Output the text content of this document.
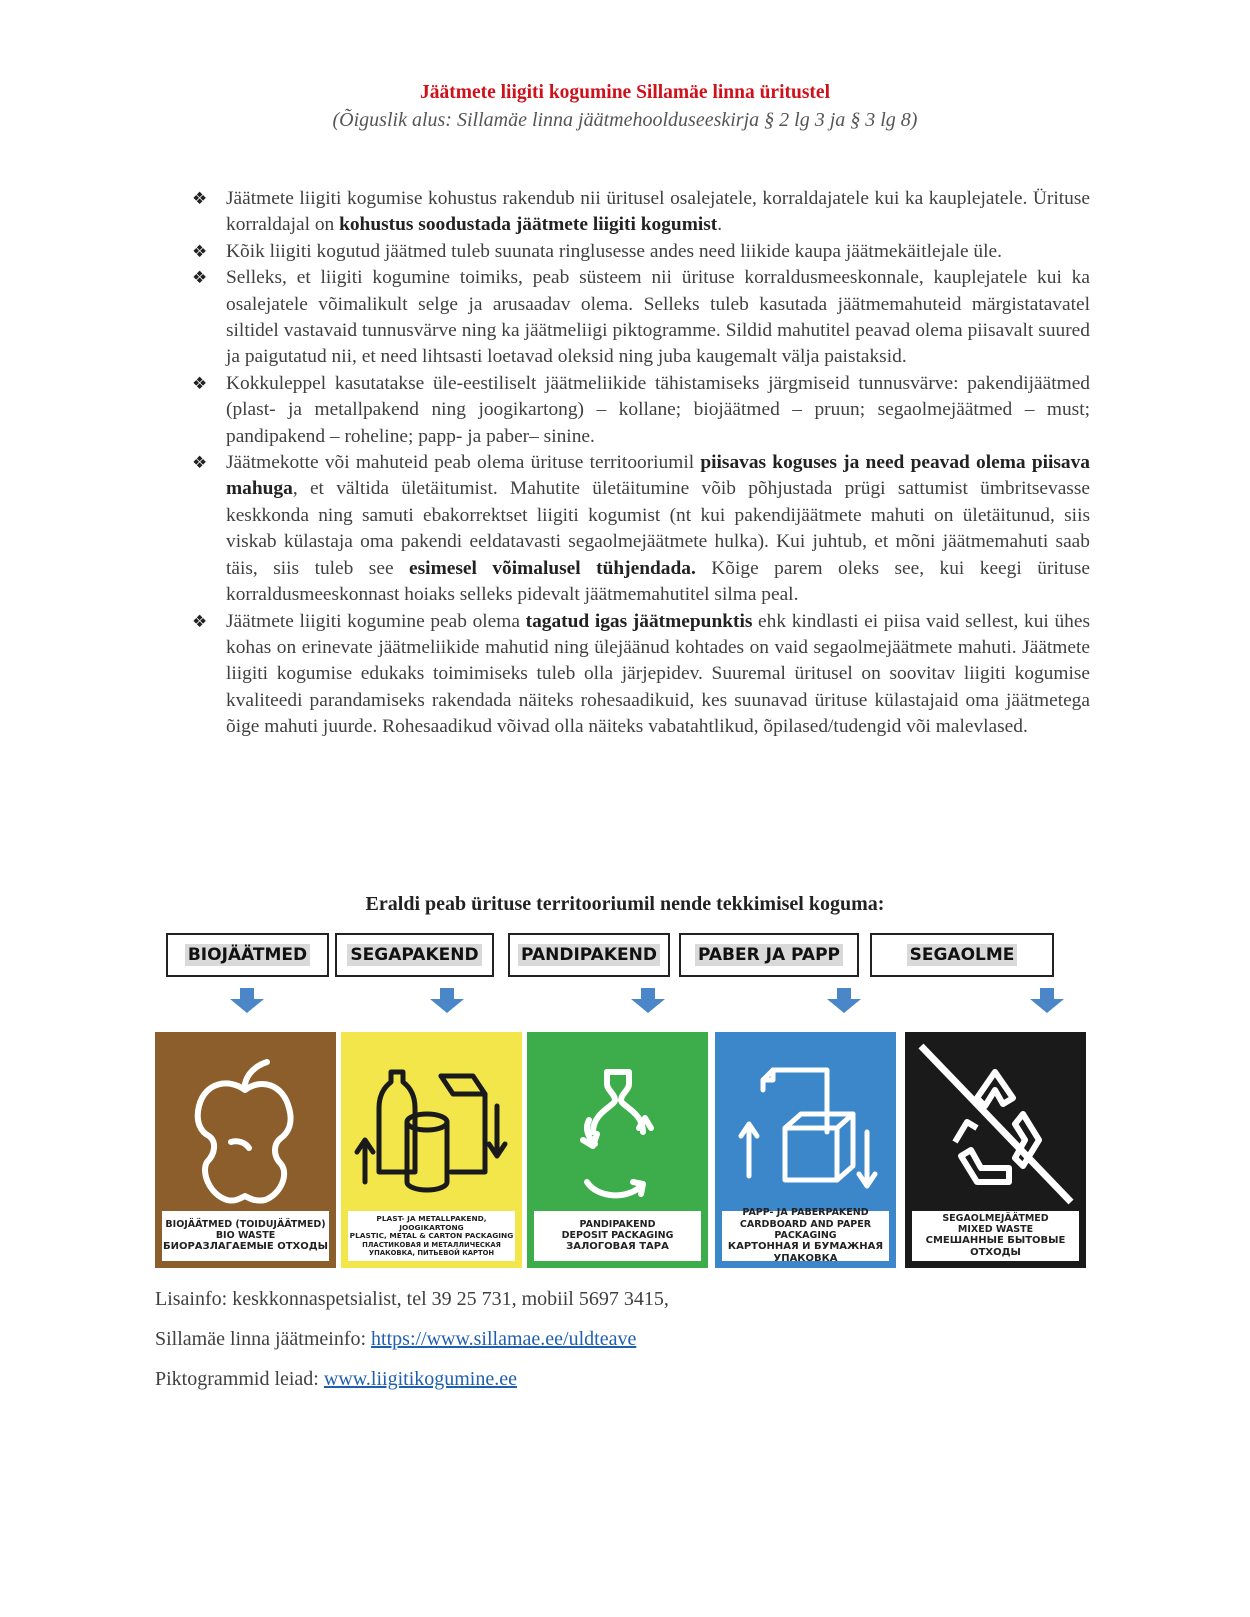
Jäätmete liigiti kogumine Sillamäe linna üritustel
(Õiguslik alus: Sillamäe linna jäätmehoolduseeskirja § 2 lg 3 ja § 3 lg 8)
❖ Jäätmete liigiti kogumise kohustus rakendub nii üritusel osalejatele, korraldajatele kui ka kauplejatele. Ürituse korraldajal on kohustus soodustada jäätmete liigiti kogumist.
❖ Kõik liigiti kogutud jäätmed tuleb suunata ringlusesse andes need liikide kaupa jäätmekäitlejale üle.
❖ Selleks, et liigiti kogumine toimiks, peab süsteem nii ürituse korraldusmeeskonnale, kauplejatele kui ka osalejatele võimalikult selge ja arusaadav olema. Selleks tuleb kasutada jäätmemahuteid märgistatavatel siltidel vastavaid tunnusvärve ning ka jäätmeliigi piktogramme. Sildid mahutitel peavad olema piisavalt suured ja paigutatud nii, et need lihtsasti loetavad oleksid ning juba kaugemalt välja paistaksid.
❖ Kokkuleppel kasutatakse üle-eestiliselt jäätmeliikide tähistamiseks järgmiseid tunnusvärve: pakendijäätmed (plast- ja metallpakend ning joogikartong) – kollane; biojäätmed – pruun; segaolmejäätmed – must; pandipakend – roheline; papp- ja paber– sinine.
❖ Jäätmekotte või mahuteid peab olema ürituse territooriumil piisavas koguses ja need peavad olema piisava mahuga, et vältida ületäitumist. Mahutite ületäitumine võib põhjustada prügi sattumist ümbritsevasse keskkonda ning samuti ebakorrektset liigiti kogumist (nt kui pakendijäätmete mahuti on ületäitunud, siis viskab külastaja oma pakendi eeldatavasti segaolmejäätmete hulka). Kui juhtub, et mõni jäätmemahuti saab täis, siis tuleb see esimesel võimalusel tühjendada. Kõige parem oleks see, kui keegi ürituse korraldusmeeskonnast hoiaks selleks pidevalt jäätmemahutitel silma peal.
❖ Jäätmete liigiti kogumine peab olema tagatud igas jäätmepunktis ehk kindlasti ei piisa vaid sellest, kui ühes kohas on erinevate jäätmeliikide mahutid ning ülejäänud kohtades on vaid segaolmejäätmete mahuti. Jäätmete liigiti kogumise edukaks toimimiseks tuleb olla järjepidev. Suuremal üritusel on soovitav liigiti kogumise kvaliteedi parandamiseks rakendada näiteks rohesaadikuid, kes suunavad ürituse külastajaid oma jäätmetega õige mahuti juurde. Rohesaadikud võivad olla näiteks vabatahtlikud, õpilased/tudengid või malevlased.
Eraldi peab ürituse territooriumil nende tekkimisel koguma:
BIOJÄÄTMED	SEGAPAKEND PANDIPAKEND PABER JA PAPP	SEGAOLME
BIOJÄÄTMED (TOIDUJÄÄTMED)
BIO WASTE
БИОРАЗЛАГАЕМЫЕ ОТХОДЫ
PLAST- JA METALLPAKEND, JOOGIKARTONG
PLASTIC, METAL & CARTON PACKAGING
ПЛАСТИКОВАЯ И МЕТАЛЛИЧЕСКАЯ УПАКОВКА, ПИТЬЕВОЙ КАРТОН
PANDIPAKEND
DEPOSIT PACKAGING
ЗАЛОГОВАЯ ТАРА
PAPP- JA PABERPAKEND
CARDBOARD AND PAPER PACKAGING
КАРТОННАЯ И БУМАЖНАЯ УПАКОВКА
SEGAOLMEJÄÄTMED
MIXED WASTE
СМЕШАННЫЕ БЫТОВЫЕ ОТХОДЫ
Lisainfo: keskkonnaspetsialist, tel 39 25 731, mobiil 5697 3415,
Sillamäe linna jäätmeinfo: https://www.sillamae.ee/uldteave
Piktogrammid leiad: www.liigitikogumine.ee
